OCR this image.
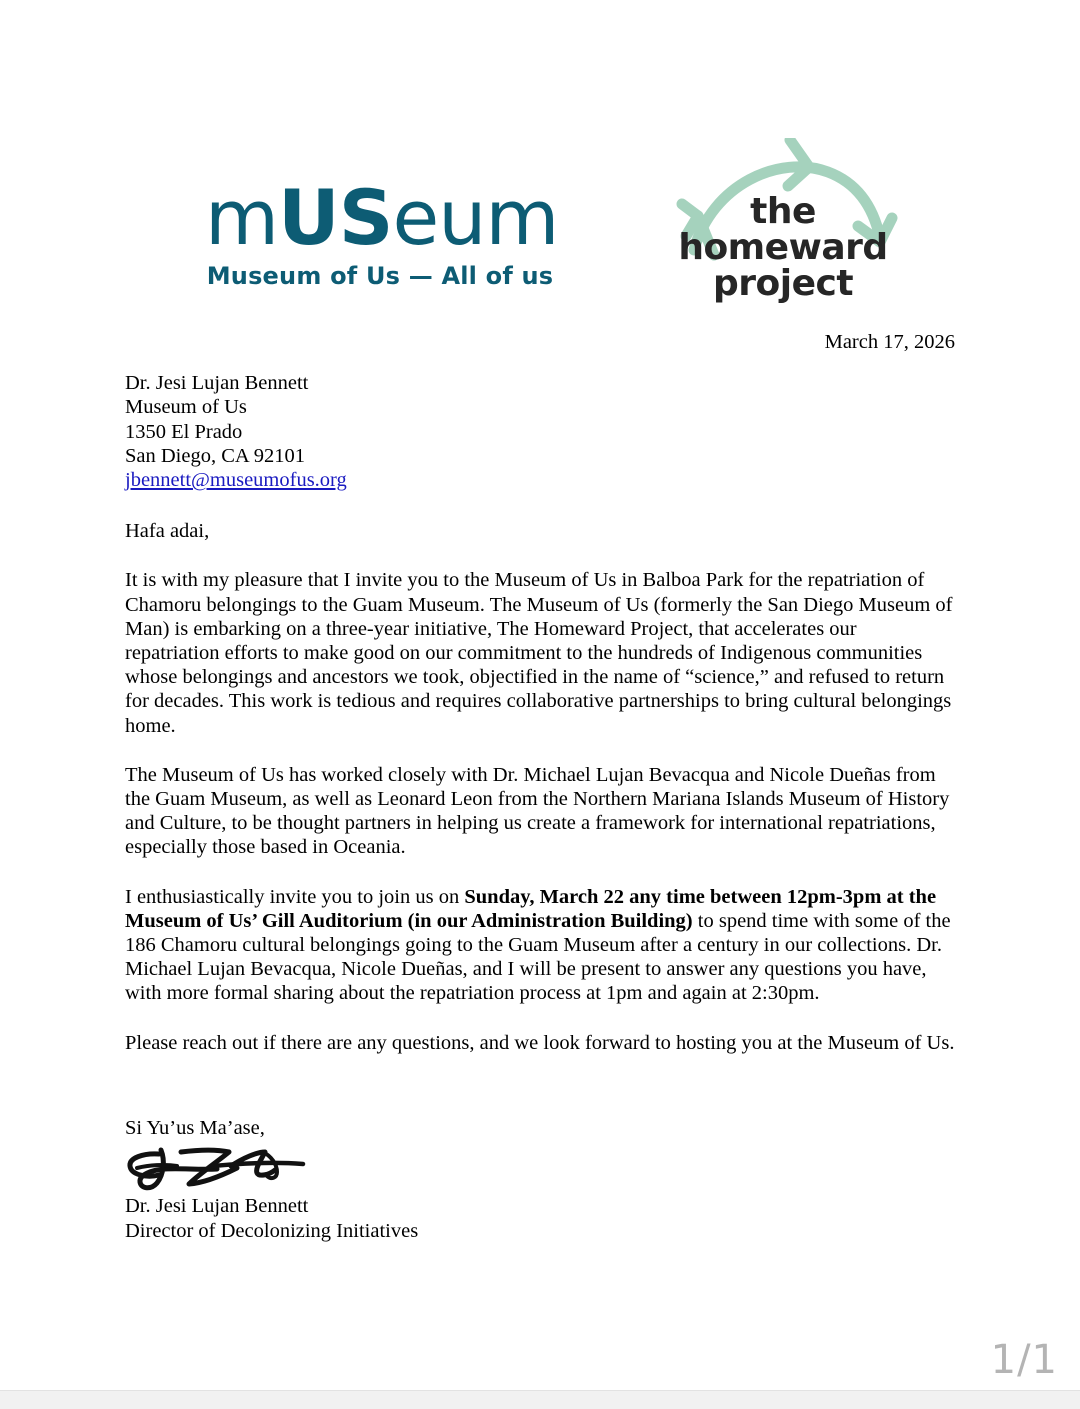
mUSeum
Museum of Us — All of us
the
homeward
project
March 17, 2026
Dr. Jesi Lujan Bennett
Museum of Us
1350 El Prado
San Diego, CA 92101
jbennett@museumofus.org
Hafa adai,

It is with my pleasure that I invite you to the Museum of Us in Balboa Park for the repatriation of Chamoru belongings to the Guam Museum. The Museum of Us (formerly the San Diego Museum of Man) is embarking on a three-year initiative, The Homeward Project, that accelerates our repatriation efforts to make good on our commitment to the hundreds of Indigenous communities whose belongings and ancestors we took, objectified in the name of “science,” and refused to return for decades. This work is tedious and requires collaborative partnerships to bring cultural belongings home.

The Museum of Us has worked closely with Dr. Michael Lujan Bevacqua and Nicole Dueñas from the Guam Museum, as well as Leonard Leon from the Northern Mariana Islands Museum of History and Culture, to be thought partners in helping us create a framework for international repatriations, especially those based in Oceania.

I enthusiastically invite you to join us on Sunday, March 22 any time between 12pm-3pm at the Museum of Us’ Gill Auditorium (in our Administration Building) to spend time with some of the 186 Chamoru cultural belongings going to the Guam Museum after a century in our collections. Dr. Michael Lujan Bevacqua, Nicole Dueñas, and I will be present to answer any questions you have, with more formal sharing about the repatriation process at 1pm and again at 2:30pm.

Please reach out if there are any questions, and we look forward to hosting you at the Museum of Us.

Si Yu’us Ma’ase,
Dr. Jesi Lujan Bennett
Director of Decolonizing Initiatives
1/1
